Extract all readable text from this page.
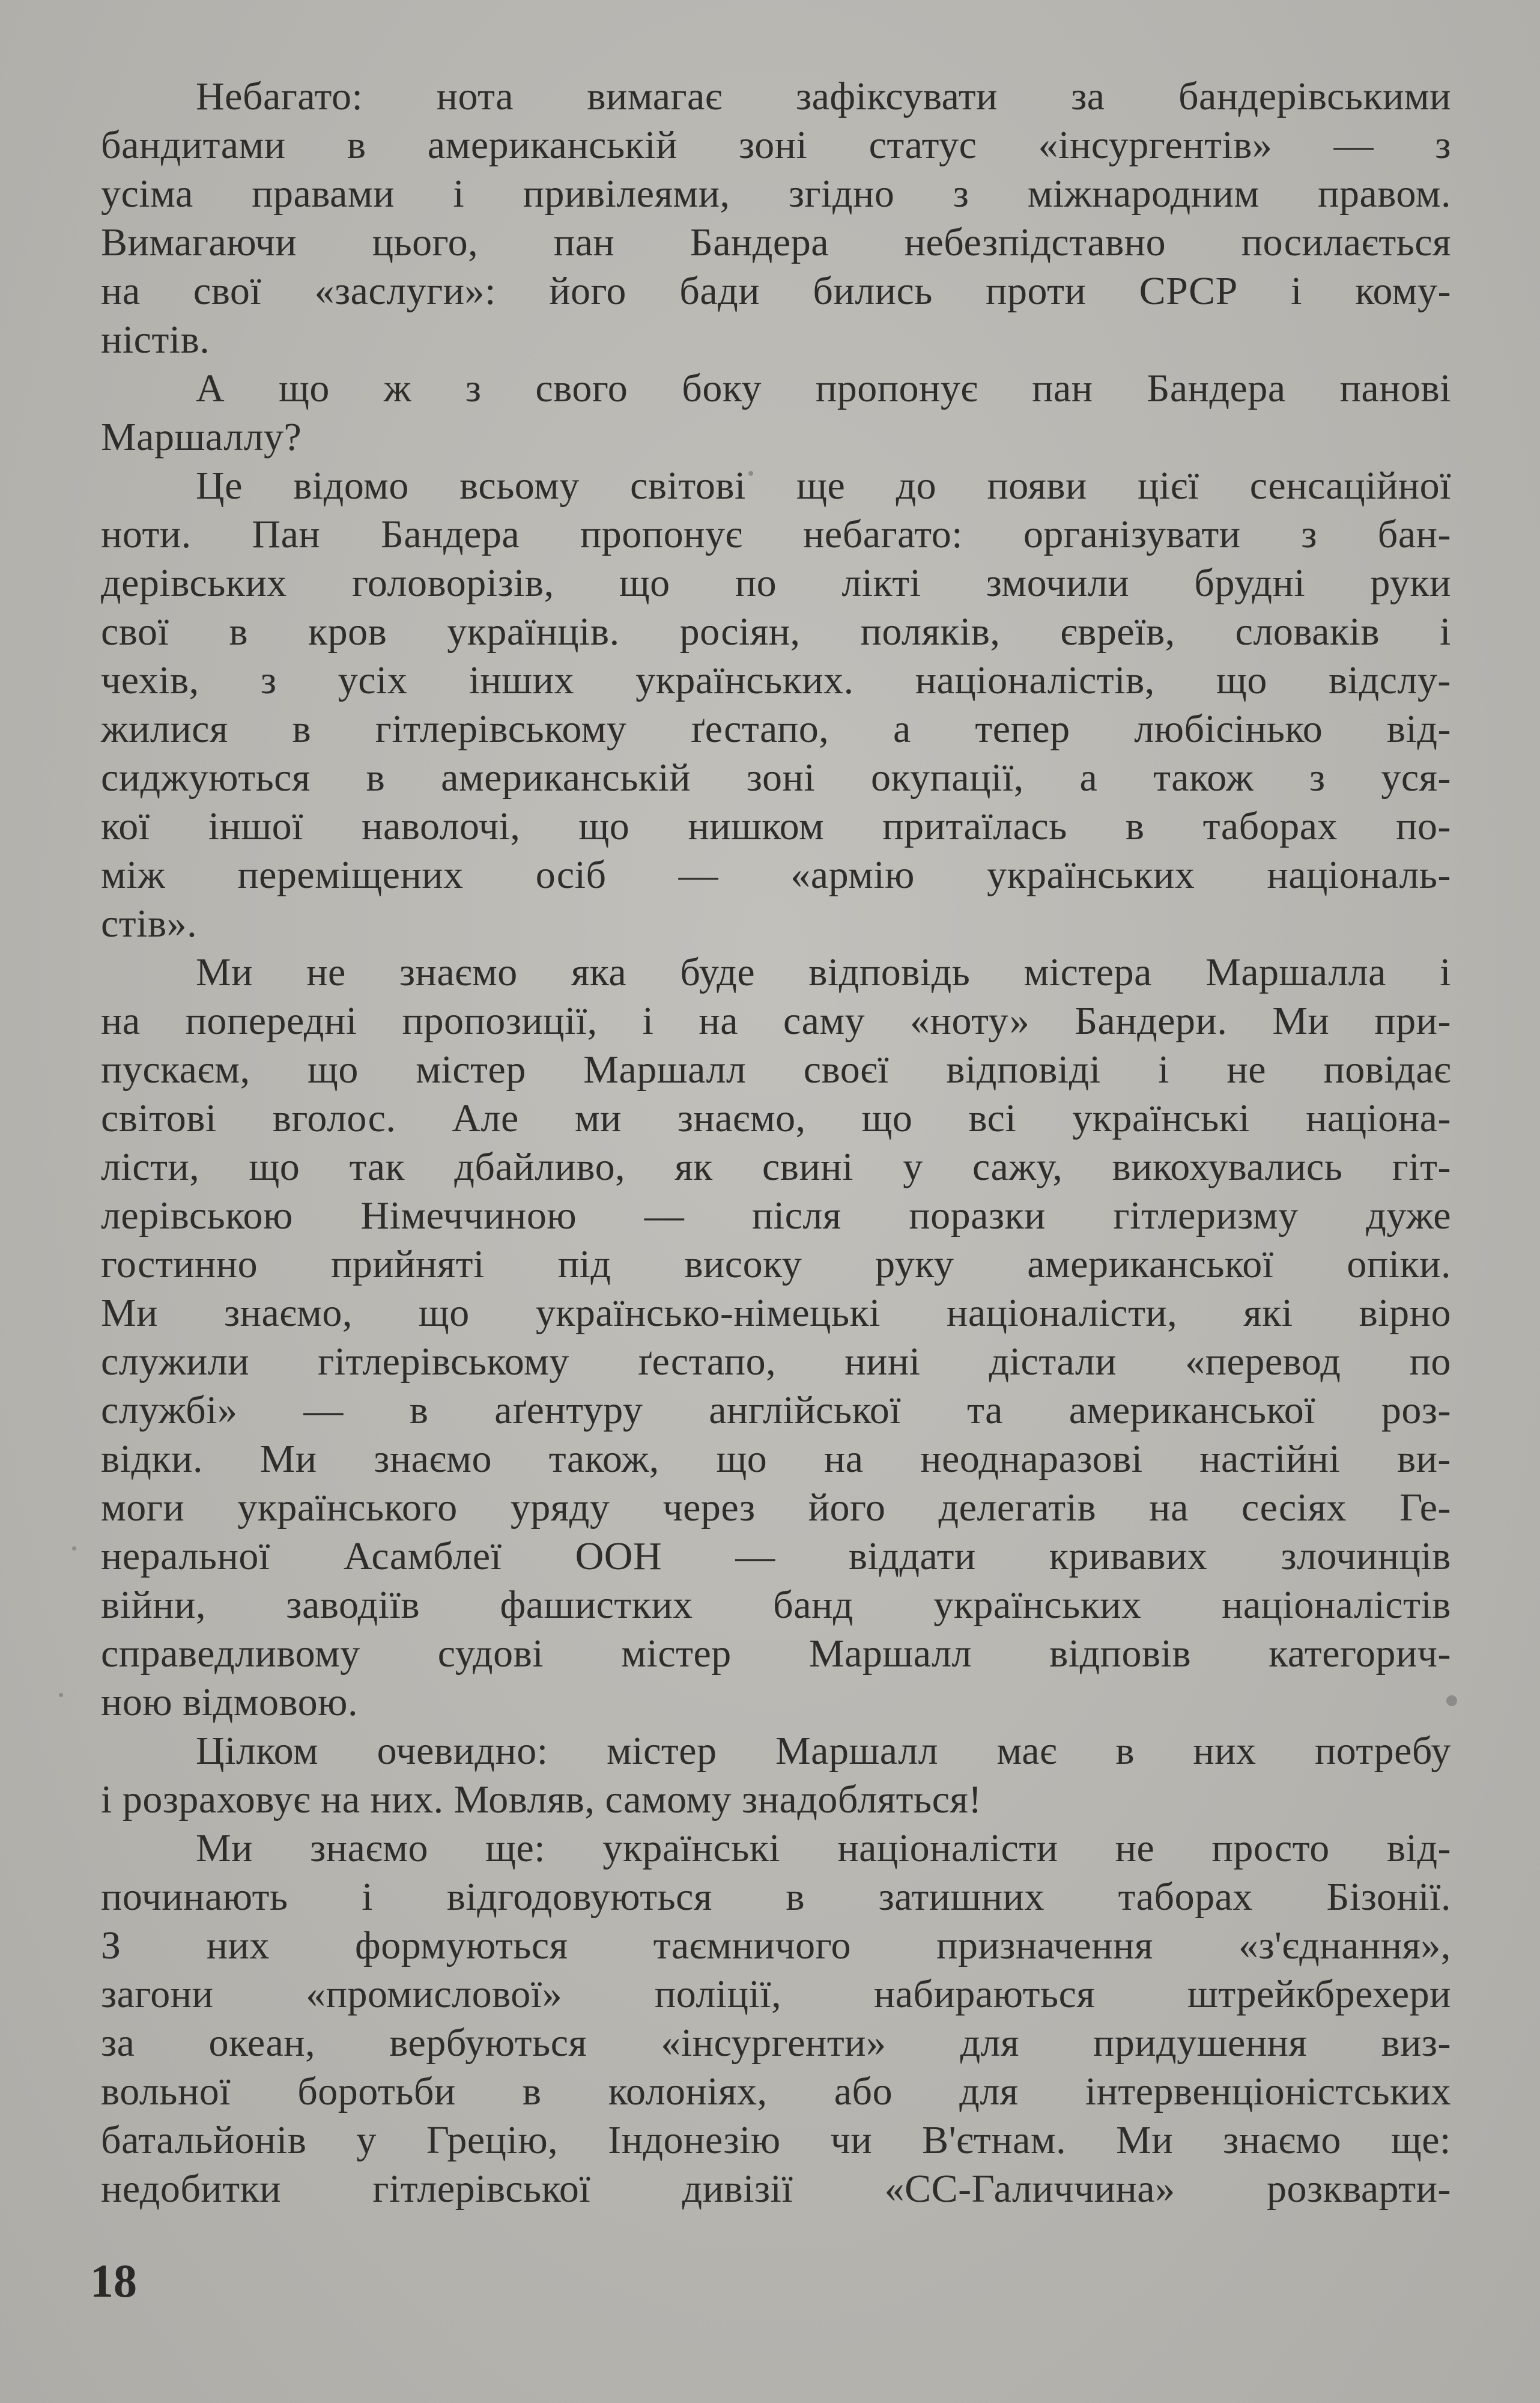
Небагато: нота вимагає зафіксувати за бандерівськими
бандитами в американській зоні статус «інсургентів» — з
усіма правами і привілеями, згідно з міжнародним правом.
Вимагаючи цього, пан Бандера небезпідставно посилається
на свої «заслуги»: його бади бились проти СРСР і кому-
ністів.
А що ж з свого боку пропонує пан Бандера панові
Маршаллу?
Це відомо всьому світові ще до появи цієї сенсаційної
ноти. Пан Бандера пропонує небагато: організувати з бан-
дерівських головорізів, що по лікті змочили брудні руки
свої в кров українців. росіян, поляків, євреїв, словаків і
чехів, з усіх інших українських. націоналістів, що відслу-
жилися в гітлерівському ґестапо, а тепер любісінько від-
сиджуються в американській зоні окупації, а також з уся-
кої іншої наволочі, що нишком притаїлась в таборах по-
між переміщених осіб — «армію українських національ-
стів».
Ми не знаємо яка буде відповідь містера Маршалла і
на попередні пропозиції, і на саму «ноту» Бандери. Ми при-
пускаєм, що містер Маршалл своєї відповіді і не повідає
світові вголос. Але ми знаємо, що всі українські націона-
лісти, що так дбайливо, як свині у сажу, викохувались гіт-
лерівською Німеччиною — після поразки гітлеризму дуже
гостинно прийняті під високу руку американської опіки.
Ми знаємо, що українсько-німецькі націоналісти, які вірно
служили гітлерівському ґестапо, нині дістали «перевод по
службі» — в аґентуру англійської та американської роз-
відки. Ми знаємо також, що на неоднаразові настійні ви-
моги українського уряду через його делегатів на сесіях Ге-
неральної Асамблеї ООН — віддати кривавих злочинців
війни, заводіїв фашистких банд українських націоналістів
справедливому судові містер Маршалл відповів категорич-
ною відмовою.
Цілком очевидно: містер Маршалл має в них потребу
і розраховує на них. Мовляв, самому знадобляться!
Ми знаємо ще: українські націоналісти не просто від-
починають і відгодовуються в затишних таборах Бізонії.
З них формуються таємничого призначення «з'єднання»,
загони «промислової» поліції, набираються штрейкбрехери
за океан, вербуються «інсургенти» для придушення виз-
вольної боротьби в колоніях, або для інтервенціоністських
батальйонів у Грецію, Індонезію чи В'єтнам. Ми знаємо ще:
недобитки гітлерівської дивізії «СС-Галиччина» розкварти-
18
